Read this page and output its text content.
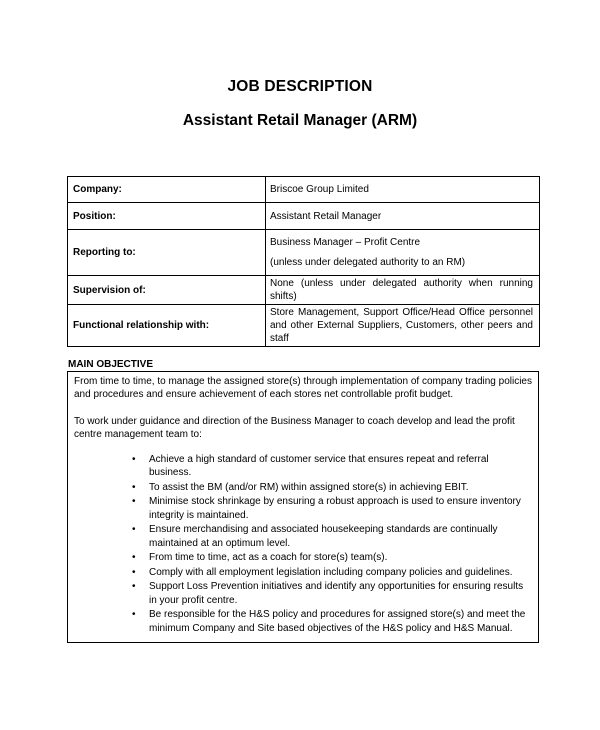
JOB DESCRIPTION
Assistant Retail Manager (ARM)
Company:	Briscoe Group Limited

Position:	Assistant Retail Manager

Reporting to:	Business Manager – Profit Centre
(unless under delegated authority to an RM)

Supervision of:	None (unless under delegated authority when running shifts)

Functional relationship with:	Store Management, Support Office/Head Office personnel and other External Suppliers, Customers, other peers and staff
MAIN OBJECTIVE

From time to time, to manage the assigned store(s) through implementation of company trading policies and procedures and ensure achievement of each stores net controllable profit budget.

To work under guidance and direction of the Business Manager to coach develop and lead the profit centre management team to:

• Achieve a high standard of customer service that ensures repeat and referral business.
• To assist the BM (and/or RM) within assigned store(s) in achieving EBIT.
• Minimise stock shrinkage by ensuring a robust approach is used to ensure inventory integrity is maintained.
• Ensure merchandising and associated housekeeping standards are continually maintained at an optimum level.
• From time to time, act as a coach for store(s) team(s).
• Comply with all employment legislation including company policies and guidelines.
• Support Loss Prevention initiatives and identify any opportunities for ensuring results in your profit centre.
• Be responsible for the H&S policy and procedures for assigned store(s) and meet the minimum Company and Site based objectives of the H&S policy and H&S Manual.
